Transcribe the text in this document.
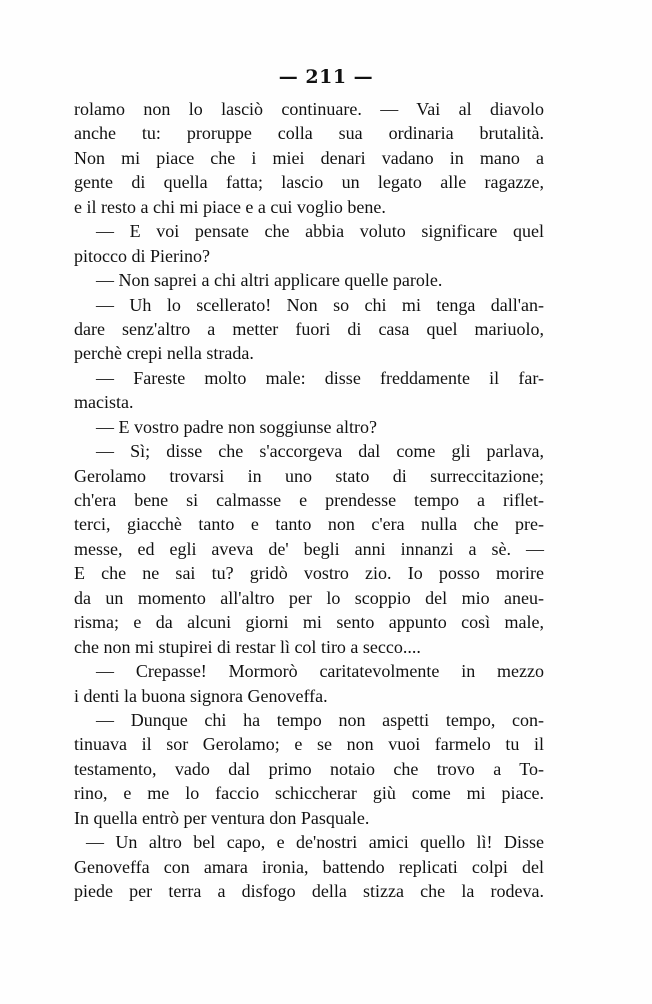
— 211 —
rolamo non lo lasciò continuare. — Vai al diavolo
anche tu: proruppe colla sua ordinaria brutalità.
Non mi piace che i miei denari vadano in mano a
gente di quella fatta; lascio un legato alle ragazze,
e il resto a chi mi piace e a cui voglio bene.
— E voi pensate che abbia voluto significare quel
pitocco di Pierino?
— Non saprei a chi altri applicare quelle parole.
— Uh lo scellerato! Non so chi mi tenga dall'an-
dare senz'altro a metter fuori di casa quel mariuolo,
perchè crepi nella strada.
— Fareste molto male: disse freddamente il far-
macista.
— E vostro padre non soggiunse altro?
— Sì; disse che s'accorgeva dal come gli parlava,
Gerolamo trovarsi in uno stato di surreccitazione;
ch'era bene si calmasse e prendesse tempo a riflet-
terci, giacchè tanto e tanto non c'era nulla che pre-
messe, ed egli aveva de' begli anni innanzi a sè. —
E che ne sai tu? gridò vostro zio. Io posso morire
da un momento all'altro per lo scoppio del mio aneu-
risma; e da alcuni giorni mi sento appunto così male,
che non mi stupirei di restar lì col tiro a secco....
— Crepasse! Mormorò caritatevolmente in mezzo
i denti la buona signora Genoveffa.
— Dunque chi ha tempo non aspetti tempo, con-
tinuava il sor Gerolamo; e se non vuoi farmelo tu il
testamento, vado dal primo notaio che trovo a To-
rino, e me lo faccio schiccherar giù come mi piace.
In quella entrò per ventura don Pasquale.
— Un altro bel capo, e de'nostri amici quello lì! Disse
Genoveffa con amara ironia, battendo replicati colpi del
piede per terra a disfogo della stizza che la rodeva.
